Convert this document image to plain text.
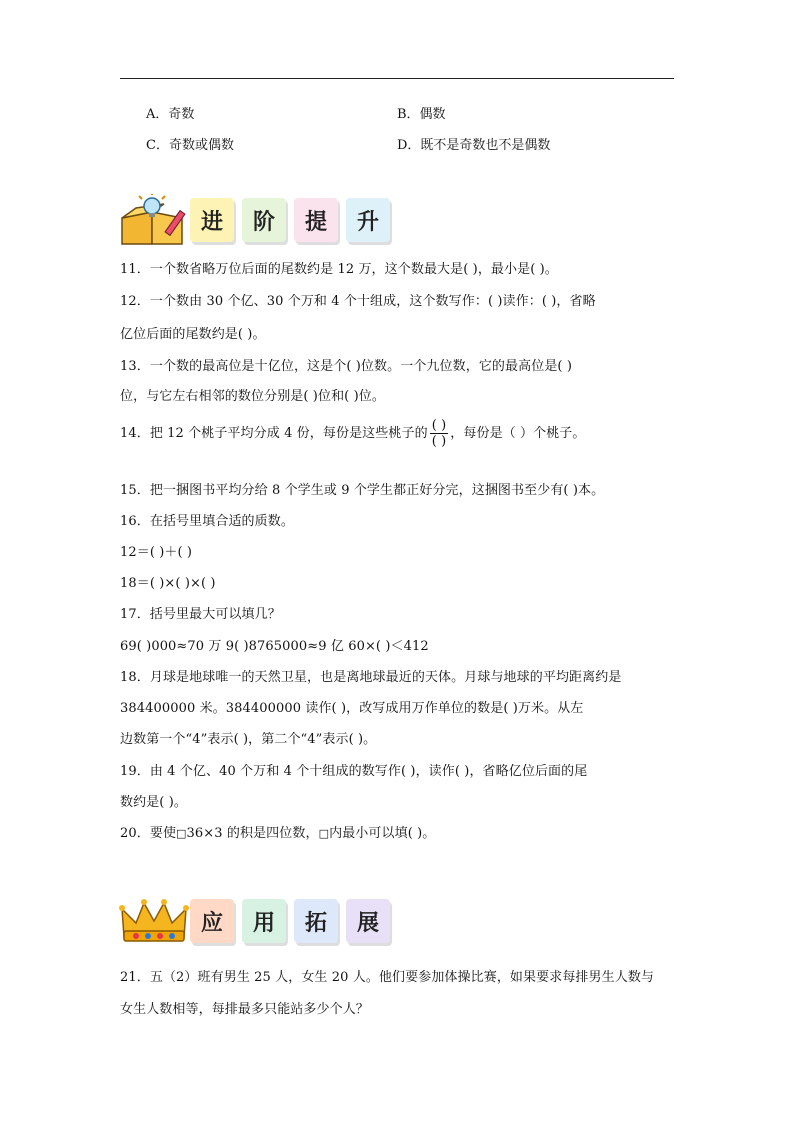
A．奇数	B．偶数
C．奇数或偶数	D．既不是奇数也不是偶数
进 阶 提 升
11．一个数省略万位后面的尾数约是 12 万，这个数最大是( )，最小是( )。
12．一个数由 30 个亿、30 个万和 4 个十组成，这个数写作：( )读作：( )，省略
亿位后面的尾数约是( )。
13．一个数的最高位是十亿位，这是个( )位数。一个九位数，它的最高位是( )
位，与它左右相邻的数位分别是( )位和( )位。
14．把 12 个桃子平均分成 4 份，每份是这些桃子的 $\frac{( )}{( )}$ ，每份是（ ）个桃子。
15．把一捆图书平均分给 8 个学生或 9 个学生都正好分完，这捆图书至少有( )本。
16．在括号里填合适的质数。
12＝( )＋( )
18＝( )×( )×( )
17．括号里最大可以填几？
69( )000≈70 万 9( )8765000≈9 亿 60×( )＜412
18．月球是地球唯一的天然卫星，也是离地球最近的天体。月球与地球的平均距离约是
384400000 米。384400000 读作( )，改写成用万作单位的数是( )万米。从左
边数第一个“4”表示( )，第二个“4”表示( )。
19．由 4 个亿、40 个万和 4 个十组成的数写作( )，读作( )，省略亿位后面的尾
数约是( )。
20．要使□36×3 的积是四位数，□内最小可以填( )。
应 用 拓 展
21．五（2）班有男生 25 人，女生 20 人。他们要参加体操比赛，如果要求每排男生人数与
女生人数相等，每排最多只能站多少个人？
